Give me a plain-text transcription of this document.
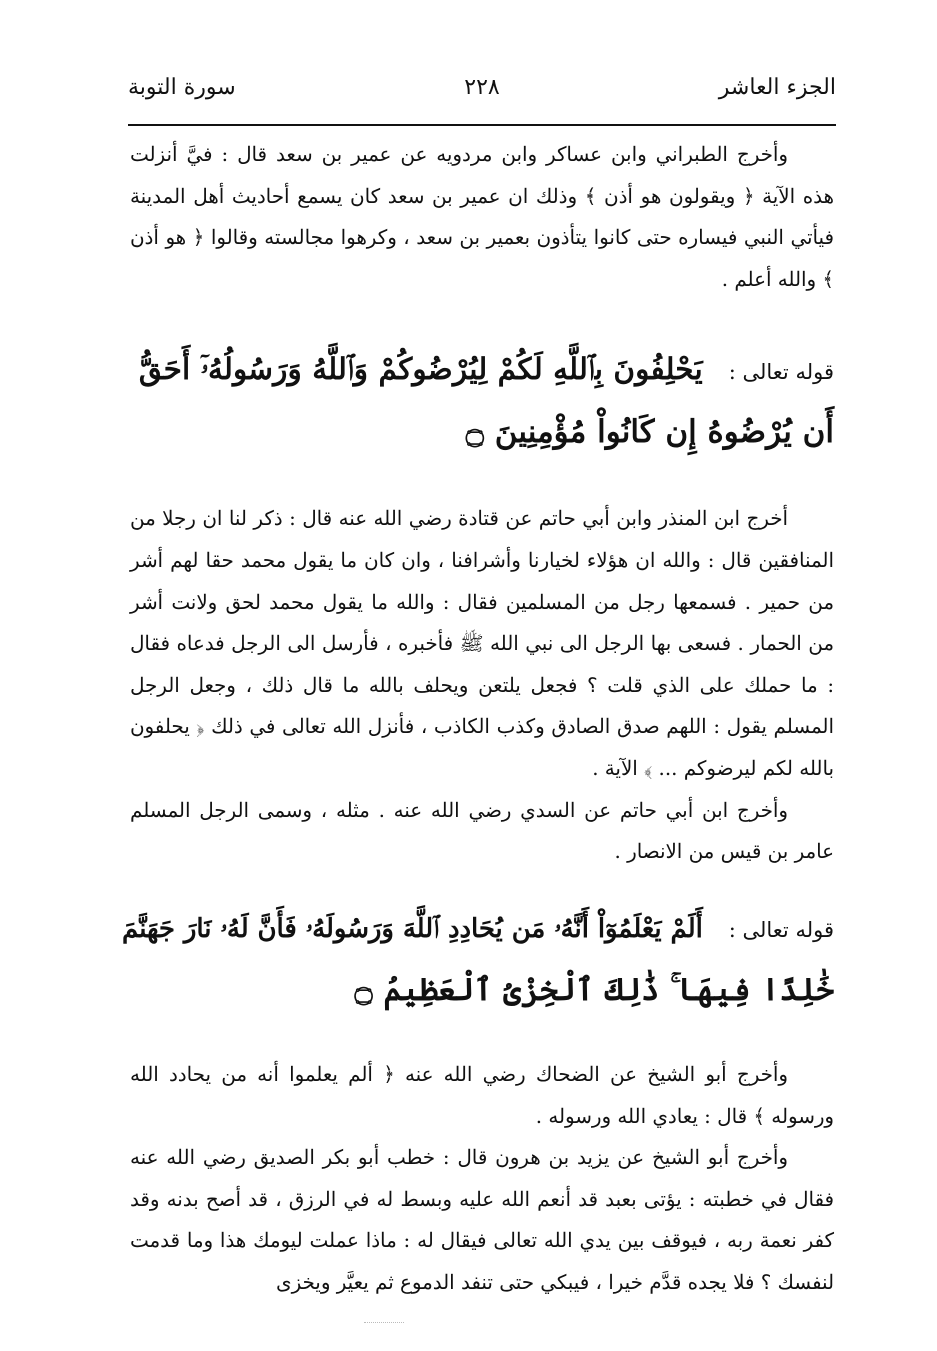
الجزء العاشر
٢٢٨
سورة التوبة

وأخرج الطبراني وابن عساكر وابن مردويه عن عمير بن سعد قال : فيَّ أنزلت هذه الآية ﴿ ويقولون هو أذن ﴾ وذلك ان عمير بن سعد كان يسمع أحاديث أهل المدينة فيأتي النبي فيساره حتى كانوا يتأذون بعمير بن سعد ، وكرهوا مجالسته وقالوا ﴿ هو أذن ﴾ والله أعلم .

قوله تعالى :يَحْلِفُونَ بِٱللَّهِ لَكُمْ لِيُرْضُوكُمْ وَٱللَّهُ وَرَسُولُهُۥٓ أَحَقُّ

أَن يُرْضُوهُ إِن كَانُواْ مُؤْمِنِينَ ۝

أخرج ابن المنذر وابن أبي حاتم عن قتادة رضي الله عنه قال : ذكر لنا ان رجلا من المنافقين قال : والله ان هؤلاء لخيارنا وأشرافنا ، وان كان ما يقول محمد حقا لهم أشر من حمير . فسمعها رجل من المسلمين فقال : والله ما يقول محمد لحق ولانت أشر من الحمار . فسعى بها الرجل الى نبي الله ﷺ فأخبره ، فأرسل الى الرجل فدعاه فقال : ما حملك على الذي قلت ؟ فجعل يلتعن ويحلف بالله ما قال ذلك ، وجعل الرجل المسلم يقول : اللهم صدق الصادق وكذب الكاذب ، فأنزل الله تعالى في ذلك ﴿ يحلفون بالله لكم ليرضوكم ... ﴾ الآية .

وأخرج ابن أبي حاتم عن السدي رضي الله عنه . مثله ، وسمى الرجل المسلم عامر بن قيس من الانصار .

قوله تعالى :أَلَمْ يَعْلَمُوٓاْ أَنَّهُۥ مَن يُحَادِدِ ٱللَّهَ وَرَسُولَهُۥ فَأَنَّ لَهُۥ نَارَ جَهَنَّمَ

خَٰلِدًا فِيهَا ۚ ذَٰلِكَ ٱلْخِزْىُ ٱلْعَظِيمُ ۝

وأخرج أبو الشيخ عن الضحاك رضي الله عنه ﴿ ألم يعلموا أنه من يحادد الله ورسوله ﴾ قال : يعادي الله ورسوله .

وأخرج أبو الشيخ عن يزيد بن هرون قال : خطب أبو بكر الصديق رضي الله عنه فقال في خطبته : يؤتى بعبد قد أنعم الله عليه وبسط له في الرزق ، قد أصح بدنه وقد كفر نعمة ربه ، فيوقف بين يدي الله تعالى فيقال له : ماذا عملت ليومك هذا وما قدمت لنفسك ؟ فلا يجده قدَّم خيرا ، فيبكي حتى تنفد الدموع ثم يعيَّر ويخزى
